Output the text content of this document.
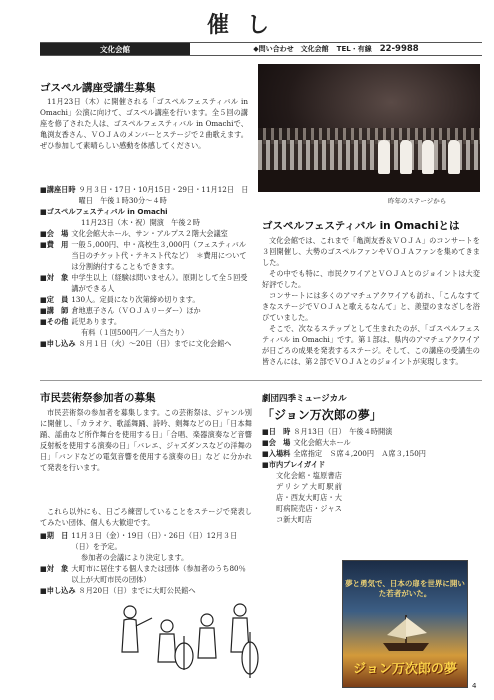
催し
文化会館	◆問い合わせ　文化会館 TEL・有線 22-9988
ゴスペル講座受講生募集
11月23日（木）に開催される「ゴスペルフェスティバル in Omachi」公演に向けて、ゴスペル講座を行います。全５回の講座を修了された人は、ゴスペルフェスティバル in Omachiで、亀渕友香さん、ＶＯＪＡのメンバーとステージで２曲歌えます。ぜひ参加して素晴らしい感動を体感してください。
■講座日時 ９月３日・17日・10月15日・29日・11月12日　日曜日　午後１時30分～４時
■ゴスペルフェスティバル in Omachi
11月23日（木・祝）開演　午後２時
■会　場 文化会館大ホール、サン・アルプス２階大会議室
■費　用 一般５,000円、中・高校生３,000円（フェスティバル当日のチケット代・テキスト代など）　＊費用については分割納付することもできます。
■対　象 中学生以上（経験は問いません）。原則として全５回受講ができる人
■定　員 130人。定員になり次第締め切ります。
■講　師 倉地恵子さん（ＶＯＪＡリーダー）ほか
■その他 託児あります。
有料（１回500円／一人当たり）
■申し込み ８月１日（火）～20日（日）までに文化会館へ
昨年のステージから
ゴスペルフェスティバル in Omachiとは
文化会館では、これまで「亀渕友香＆ＶＯＪＡ」のコンサートを３回開催し、大勢のゴスペルファンやＶＯＪＡファンを集めてきました。
その中でも特に、市民クワイアとＶＯＪＡとのジョイントは大変好評でした。
コンサートには多くのアマチュアクワイアも訪れ、「こんなすてきなステージでＶＯＪＡと歌えるなんて」と、羨望のまなざしを浴びていました。
そこで、次なるステップとして生まれたのが、「ゴスペルフェスティバル in Omachi」です。第１部は、県内のアマチュアクワイアが日ごろの成果を発表するステージ。そして、この講座の受講生の皆さんには、第２部でＶＯＪＡとのジョイントが実現します。
市民芸術祭参加者の募集
市民芸術祭の参加者を募集します。この芸術祭は、ジャンル別に開催し、「カラオケ、歌謡舞踊、詩吟、剣舞などの日」「日本舞踊、謡曲など所作舞台を使用する日」「合唱、楽器演奏など音響反射板を使用する演奏の日」「バレエ、ジャズダンスなどの洋舞の日」「バンドなどの電気音響を使用する演奏の日」など に分かれて発表を行います。
これら以外にも、日ごろ練習していることをステージで発表してみたい団体、個人も大歓迎です。
■期　日 11月３日（金）・19日（日）・26日（日）12月３日（日）を予定。
参加者の会議により決定します。
■対　象 大町市に居住する個人または団体（参加者のうち80％以上が大町市民の団体）
■申し込み ８月20日（日）までに大町公民館へ
劇団四季ミュージカル
「ジョン万次郎の夢」
■日　時 ８月13日（日）　午後４時開演
■会　場 文化会館大ホール
■入場料 全席指定　Ｓ席４,200円　Ａ席３,150円
■市内プレイガイド
文化会館・塩原書店デリシア大町駅前店・西友大町店・大町病院売店・ジャスコ新大町店
夢と勇気で、日本の扉を世界に開いた若者がいた。
ジョン万次郎の夢
4
